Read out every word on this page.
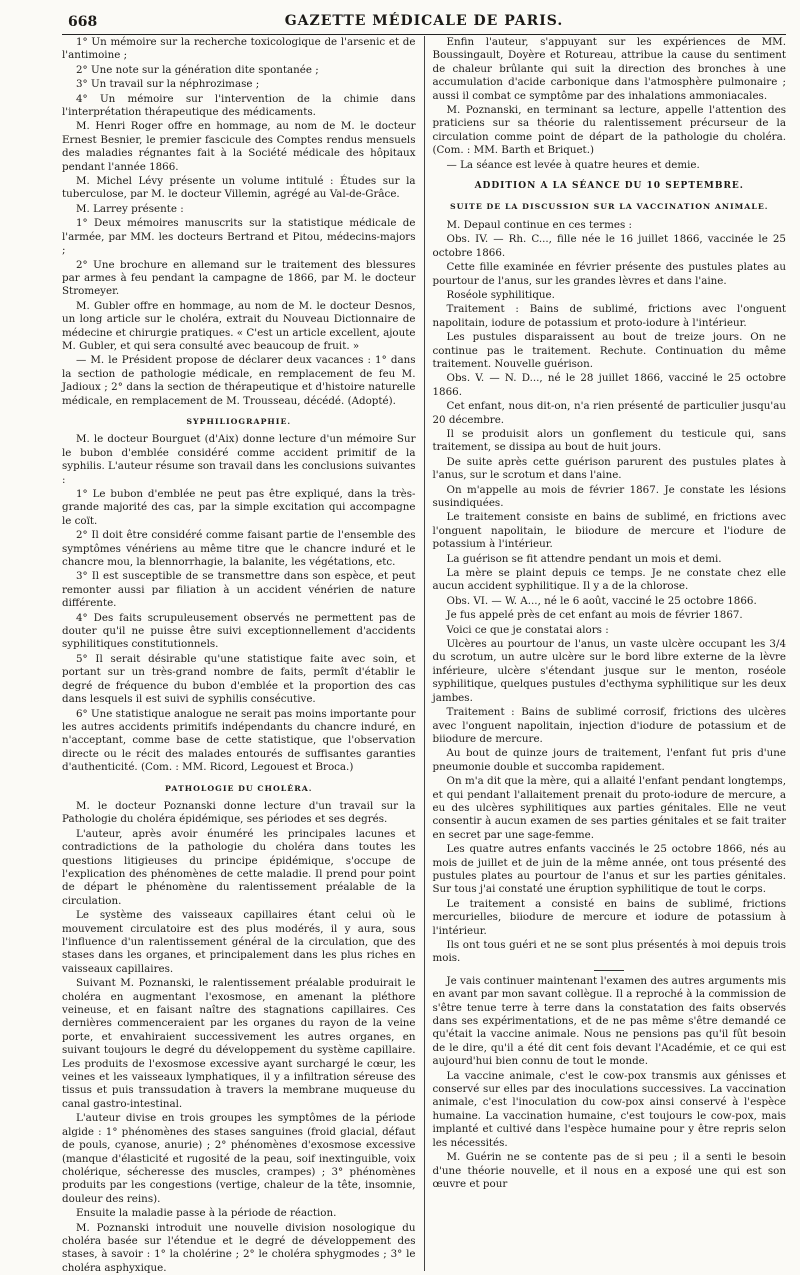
668	GAZETTE MÉDICALE DE PARIS.

1° Un mémoire sur la recherche toxicologique de l'arsenic et de l'antimoine ;

2° Une note sur la génération dite spontanée ;

3° Un travail sur la néphrozimase ;

4° Un mémoire sur l'intervention de la chimie dans l'interprétation thérapeutique des médicaments.

M. Henri Roger offre en hommage, au nom de M. le docteur Ernest Besnier, le premier fascicule des Comptes rendus mensuels des maladies régnantes fait à la Société médicale des hôpitaux pendant l'année 1866.

M. Michel Lévy présente un volume intitulé : Études sur la tuberculose, par M. le docteur Villemin, agrégé au Val-de-Grâce.

M. Larrey présente :

1° Deux mémoires manuscrits sur la statistique médicale de l'armée, par MM. les docteurs Bertrand et Pitou, médecins-majors ;

2° Une brochure en allemand sur le traitement des blessures par armes à feu pendant la campagne de 1866, par M. le docteur Stromeyer.

M. Gubler offre en hommage, au nom de M. le docteur Desnos, un long article sur le choléra, extrait du Nouveau Dictionnaire de médecine et chirurgie pratiques. « C'est un article excellent, ajoute M. Gubler, et qui sera consulté avec beaucoup de fruit. »

— M. le Président propose de déclarer deux vacances : 1° dans la section de pathologie médicale, en remplacement de feu M. Jadioux ; 2° dans la section de thérapeutique et d'histoire naturelle médicale, en remplacement de M. Trousseau, décédé. (Adopté).

SYPHILIOGRAPHIE.

M. le docteur Bourguet (d'Aix) donne lecture d'un mémoire Sur le bubon d'emblée considéré comme accident primitif de la syphilis. L'auteur résume son travail dans les conclusions suivantes :

1° Le bubon d'emblée ne peut pas être expliqué, dans la très-grande majorité des cas, par la simple excitation qui accompagne le coït.

2° Il doit être considéré comme faisant partie de l'ensemble des symptômes vénériens au même titre que le chancre induré et le chancre mou, la blennorrhagie, la balanite, les végétations, etc.

3° Il est susceptible de se transmettre dans son espèce, et peut remonter aussi par filiation à un accident vénérien de nature différente.

4° Des faits scrupuleusement observés ne permettent pas de douter qu'il ne puisse être suivi exceptionnellement d'accidents syphilitiques constitutionnels.

5° Il serait désirable qu'une statistique faite avec soin, et portant sur un très-grand nombre de faits, permît d'établir le degré de fréquence du bubon d'emblée et la proportion des cas dans lesquels il est suivi de syphilis consécutive.

6° Une statistique analogue ne serait pas moins importante pour les autres accidents primitifs indépendants du chancre induré, en n'acceptant, comme base de cette statistique, que l'observation directe ou le récit des malades entourés de suffisantes garanties d'authenticité. (Com. : MM. Ricord, Legouest et Broca.)

PATHOLOGIE DU CHOLÉRA.

M. le docteur Poznanski donne lecture d'un travail sur la Pathologie du choléra épidémique, ses périodes et ses degrés.

L'auteur, après avoir énuméré les principales lacunes et contradictions de la pathologie du choléra dans toutes les questions litigieuses du principe épidémique, s'occupe de l'explication des phénomènes de cette maladie. Il prend pour point de départ le phénomène du ralentissement préalable de la circulation.

Le système des vaisseaux capillaires étant celui où le mouvement circulatoire est des plus modérés, il y aura, sous l'influence d'un ralentissement général de la circulation, que des stases dans les organes, et principalement dans les plus riches en vaisseaux capillaires.

Suivant M. Poznanski, le ralentissement préalable produirait le choléra en augmentant l'exosmose, en amenant la pléthore veineuse, et en faisant naître des stagnations capillaires. Ces dernières commenceraient par les organes du rayon de la veine porte, et envahiraient successivement les autres organes, en suivant toujours le degré du développement du système capillaire. Les produits de l'exosmose excessive ayant surchargé le cœur, les veines et les vaisseaux lymphatiques, il y a infiltration séreuse des tissus et puis transsudation à travers la membrane muqueuse du canal gastro-intestinal.

L'auteur divise en trois groupes les symptômes de la période algide : 1° phénomènes des stases sanguines (froid glacial, défaut de pouls, cyanose, anurie) ; 2° phénomènes d'exosmose excessive (manque d'élasticité et rugosité de la peau, soif inextinguible, voix cholérique, sécheresse des muscles, crampes) ; 3° phénomènes produits par les congestions (vertige, chaleur de la tête, insomnie, douleur des reins).

Ensuite la maladie passe à la période de réaction.

M. Poznanski introduit une nouvelle division nosologique du choléra basée sur l'étendue et le degré de développement des stases, à savoir : 1° la cholérine ; 2° le choléra sphygmodes ; 3° le choléra asphyxique.

Enfin l'auteur, s'appuyant sur les expériences de MM. Boussingault, Doyère et Rotureau, attribue la cause du sentiment de chaleur brûlante qui suit la direction des bronches à une accumulation d'acide carbonique dans l'atmosphère pulmonaire ; aussi il combat ce symptôme par des inhalations ammoniacales.

M. Poznanski, en terminant sa lecture, appelle l'attention des praticiens sur sa théorie du ralentissement précurseur de la circulation comme point de départ de la pathologie du choléra. (Com. : MM. Barth et Briquet.)

— La séance est levée à quatre heures et demie.

ADDITION A LA SÉANCE DU 10 SEPTEMBRE.
SUITE DE LA DISCUSSION SUR LA VACCINATION ANIMALE.

M. Depaul continue en ces termes :

Obs. IV. — Rh. C..., fille née le 16 juillet 1866, vaccinée le 25 octobre 1866.

Cette fille examinée en février présente des pustules plates au pourtour de l'anus, sur les grandes lèvres et dans l'aine.

Roséole syphilitique.

Traitement : Bains de sublimé, frictions avec l'onguent napolitain, iodure de potassium et proto-iodure à l'intérieur.

Les pustules disparaissent au bout de treize jours. On ne continue pas le traitement. Rechute. Continuation du même traitement. Nouvelle guérison.

Obs. V. — N. D..., né le 28 juillet 1866, vacciné le 25 octobre 1866.

Cet enfant, nous dit-on, n'a rien présenté de particulier jusqu'au 20 décembre.

Il se produisit alors un gonflement du testicule qui, sans traitement, se dissipa au bout de huit jours.

De suite après cette guérison parurent des pustules plates à l'anus, sur le scrotum et dans l'aine.

On m'appelle au mois de février 1867. Je constate les lésions susindiquées.

Le traitement consiste en bains de sublimé, en frictions avec l'onguent napolitain, le biiodure de mercure et l'iodure de potassium à l'intérieur.

La guérison se fit attendre pendant un mois et demi.

La mère se plaint depuis ce temps. Je ne constate chez elle aucun accident syphilitique. Il y a de la chlorose.

Obs. VI. — W. A..., né le 6 août, vacciné le 25 octobre 1866.

Je fus appelé près de cet enfant au mois de février 1867.

Voici ce que je constatai alors :

Ulcères au pourtour de l'anus, un vaste ulcère occupant les 3/4 du scrotum, un autre ulcère sur le bord libre externe de la lèvre inférieure, ulcère s'étendant jusque sur le menton, roséole syphilitique, quelques pustules d'ecthyma syphilitique sur les deux jambes.

Traitement : Bains de sublimé corrosif, frictions des ulcères avec l'onguent napolitain, injection d'iodure de potassium et de biiodure de mercure.

Au bout de quinze jours de traitement, l'enfant fut pris d'une pneumonie double et succomba rapidement.

On m'a dit que la mère, qui a allaité l'enfant pendant longtemps, et qui pendant l'allaitement prenait du proto-iodure de mercure, a eu des ulcères syphilitiques aux parties génitales. Elle ne veut consentir à aucun examen de ses parties génitales et se fait traiter en secret par une sage-femme.

Les quatre autres enfants vaccinés le 25 octobre 1866, nés au mois de juillet et de juin de la même année, ont tous présenté des pustules plates au pourtour de l'anus et sur les parties génitales. Sur tous j'ai constaté une éruption syphilitique de tout le corps.

Le traitement a consisté en bains de sublimé, frictions mercurielles, biiodure de mercure et iodure de potassium à l'intérieur.

Ils ont tous guéri et ne se sont plus présentés à moi depuis trois mois.

Je vais continuer maintenant l'examen des autres arguments mis en avant par mon savant collègue. Il a reproché à la commission de s'être tenue terre à terre dans la constatation des faits observés dans ses expérimentations, et de ne pas même s'être demandé ce qu'était la vaccine animale. Nous ne pensions pas qu'il fût besoin de le dire, qu'il a été dit cent fois devant l'Académie, et ce qui est aujourd'hui bien connu de tout le monde.

La vaccine animale, c'est le cow-pox transmis aux génisses et conservé sur elles par des inoculations successives. La vaccination animale, c'est l'inoculation du cow-pox ainsi conservé à l'espèce humaine. La vaccination humaine, c'est toujours le cow-pox, mais implanté et cultivé dans l'espèce humaine pour y être repris selon les nécessités.

M. Guérin ne se contente pas de si peu ; il a senti le besoin d'une théorie nouvelle, et il nous en a exposé une qui est son œuvre et pour
